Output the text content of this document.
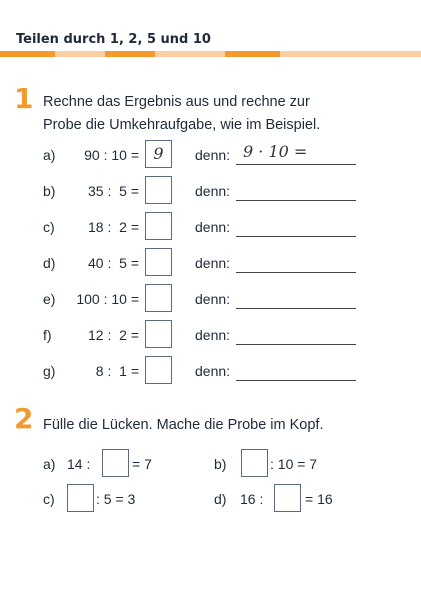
Teilen durch 1, 2, 5 und 10
1 Rechne das Ergebnis aus und rechne zur
Probe die Umkehraufgabe, wie im Beispiel.
a) 90 : 10 = 9	denn: 9 · 10 =
b) 35 :  5 =	denn:
c) 18 :  2 =	denn:
d) 40 :  5 =	denn:
e) 100 : 10 =	denn:
f)	12 :  2 =	denn:
g)	8 :  1 =	denn:
2 Fülle die Lücken. Mache die Probe im Kopf.
a) 14 :	= 7	b)	: 10 = 7
c)	: 5 = 3	d) 16 :	= 16
